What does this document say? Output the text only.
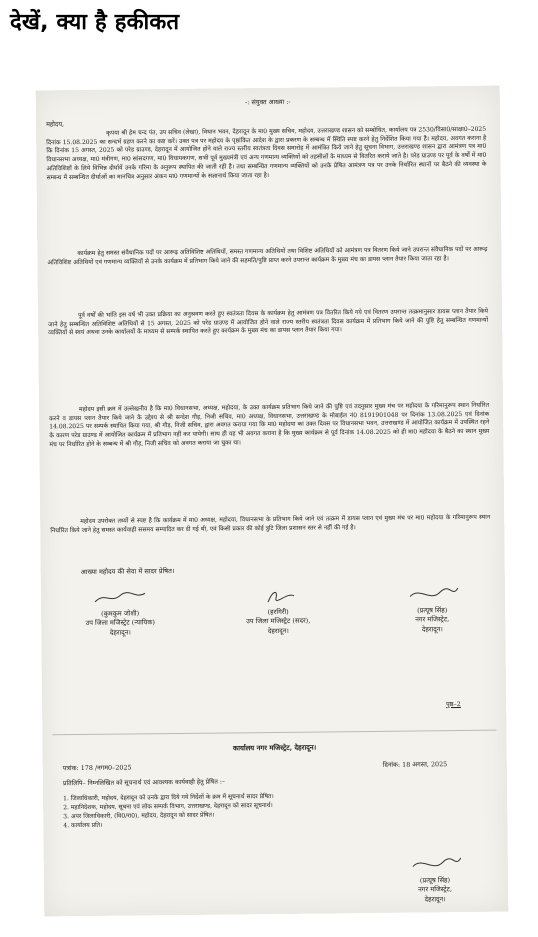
देखें, क्या है हकीकत
-: संयुक्त आख्या :-
महोदय,
कृपया श्री हेम चन्द पंत, उप सचिव (लेखा), विधान भवन, देहरादून के मा0 मुख्य सचिव, महोदय, उत्तराखण्ड शासन को सम्बोधित, कार्यालय पत्र 2530/विसा0/साक्षा0–2025 दिनांक 15.08.2025 का सन्दर्भ ग्रहण करने का कष्ट करें। उक्त पत्र पर महोदय के पृष्ठांकित आदेश के द्वारा प्रकरण के सम्बन्ध में स्थिति स्पष्ट करने हेतु निर्देशित किया गया है। महोदय, अवगत कराना है कि दिनांक 15 अगस्त, 2025 को परेड ग्राउण्ड, देहरादून में आयोजित होने वाले राज्य स्तरीय स्वतंत्रता दिवस समारोह में आमंत्रित किये जाने हेतु सूचना विभाग, उत्तराखण्ड शासन द्वारा आमंत्रण पत्र मा0 विधानसभा अध्यक्ष, मा0 मंत्रीगण, मा0 सांसदगण, मा0 विधायकगण, सभी पूर्व मुख्यमंत्री एवं अन्य गणमान्य व्यक्तियों को तहसीलों के माध्यम से वितरित कराये जाते है। परेड ग्राउण्ड पर पूर्व के वर्षों में मा0 अतिविशिष्टों के लिये विभिन्न दीर्घायें उनके गरिमा के अनुरूप स्थापित की जाती रही है। तथा सम्बन्धित गणमान्य व्यक्तियों को उनके प्रेषित आमंत्रण पत्र पर उनके निर्धारित स्थानों पर बैठने की व्यवस्था के सम्बन्ध में सम्बन्धित दीर्घाओं का मानचित्र अनुसार अंकन मा0 गणमान्यों के सज्ञानार्थ किया जाता रहा है।
कार्यक्रम हेतु समस्त संवैधानिक पदों पर आरूढ़ अतिविशिष्ट अतिथियों, समस्त गणमान्य अतिथियों तथा विशिष्ट अतिथियों को आमंत्रण पत्र वितरण किये जाने उपरान्त संवैधानिक पदों पर आरूढ़ अतिविशिष्ट अतिथियों एवं गणमान्य व्यक्तियों से उनके कार्यक्रम में प्रतिभाग किये जाने की सहमति/पुष्टि प्राप्त करने उपरान्त कार्यक्रम के मुख्य मंच का डायस प्लान तैयार किया जाता रहा है।
पूर्व वर्षों की भांति इस वर्ष भी उक्त प्रक्रिया का अनुश्रवण करते हुए स्वतंत्रता दिवस के कार्यक्रम हेतु आमंत्रण पत्र वितरित किये गये एवं वितरण उपरान्त तत्क्रमानुसार डायस प्लान तैयार किये जाने हेतु सम्बन्धित अतिविशिष्ट अतिथियों से 15 अगस्त, 2025 को परेड ग्राउण्ड में आयोजित होने वाले राज्य स्तरीय स्वतंत्रता दिवस कार्यक्रम में प्रतिभाग किये जाने की पुष्टि हेतु सम्बन्धित गणमान्यों व्यक्तियों से स्वयं अथवा उनके कार्यालयों के माध्यम से सम्पर्क स्थापित करते हुए कार्यक्रम के मुख्य मंच का डायस प्लान तैयार किया गया।
महोदय इसी क्रम में उल्लेखनीय है कि मा0 विधानसभा, अध्यक्ष, महोदया, के उक्त कार्यक्रम प्रतिभाग किये जाने की पुष्टि एवं तदनुसार मुख्य मंच पर महोदया के गरिमानुरूप स्थान निर्धारित करने व डायस प्लान तैयार किये जाने के उद्देश्य से श्री सन्देश गौड़, निजी सचिव, मा0 अध्यक्ष, विधानसभा, उत्तराखण्ड के मोबाईल नं0 8191901048 पर दिनांक 13.08.2025 एवं दिनांक 14.08.2025 पर सम्पर्क स्थापित किया गया, श्री गौड़, निजी सचिव, द्वारा अवगत कराया गया कि मा0 महोदया का उक्त दिवस पर विधानसभा भवन, उत्तराखण्ड में आयोजित कार्यक्रम में उपस्थित रहने के कारण परेड ग्राउण्ड में आयोजित कार्यक्रम में प्रतिभाग नहीं कर पायेगी। साथ ही यह भी अवगत कराना है कि मुख्य कार्यक्रम से पूर्व दिनांक 14.08.2025 को ही मा0 महोदया के बैठने का स्थान मुख्य मंच पर निर्धारित होने के सम्बन्ध में श्री गौड़, निजी सचिव को अवगत कराया जा चुका था।
महोदय उपरोक्त तथ्यों से स्पष्ट है कि कार्यक्रम में मा0 अध्यक्ष, महोदया, विधानसभा के प्रतिभाग किये जाने एवं तत्क्रम में डायस प्लान एवं मुख्य मंच पर मा0 महोदया के गरिमानुरूप स्थान निर्धारित किये जाने हेतु समस्त कार्यवाही ससमय सम्पादित कर दी गई थी, एवं किसी प्रकार की कोई त्रुटि जिला प्रशासन स्तर से नहीं की गई है।
आख्या महोदय की सेवा में सादर प्रेषित।
(कुमकुम जोशी)
उप जिला मजिस्ट्रेट (न्यायिक)
देहरादून।
(हरगिरी)
उप जिला मजिस्ट्रेट (सदर),
देहरादून।
(प्रत्यूष सिंह)
नगर मजिस्ट्रेट,
देहरादून।
पृष्ठ–2
कार्यालय नगर मजिस्ट्रेट, देहरादून।
पत्रांक: 178 /नगम0–2025	दिनांक: 18 अगस्त, 2025
प्रतिलिपि– निम्नलिखित को सूचनार्थ एवं आवश्यक कार्यवाही हेतु प्रेषित :–

1. जिलाधिकारी, महोदय, देहरादून को उनके द्वारा दिये गये निर्देशों के क्रम में सूचनार्थ सादर प्रेषित।

2. महानिदेशक, महोदय, सूचना एवं लोक सम्पर्क विभाग, उत्तराखण्ड, देहरादून को सादर सूचनार्थ।

3. अपर जिलाधिकारी, (वि0/रा0), महोदय, देहरादून को सादर प्रेषित।

4. कार्यालय प्रति।

(प्रत्यूष सिंह)
नगर मजिस्ट्रेट,
देहरादून।
